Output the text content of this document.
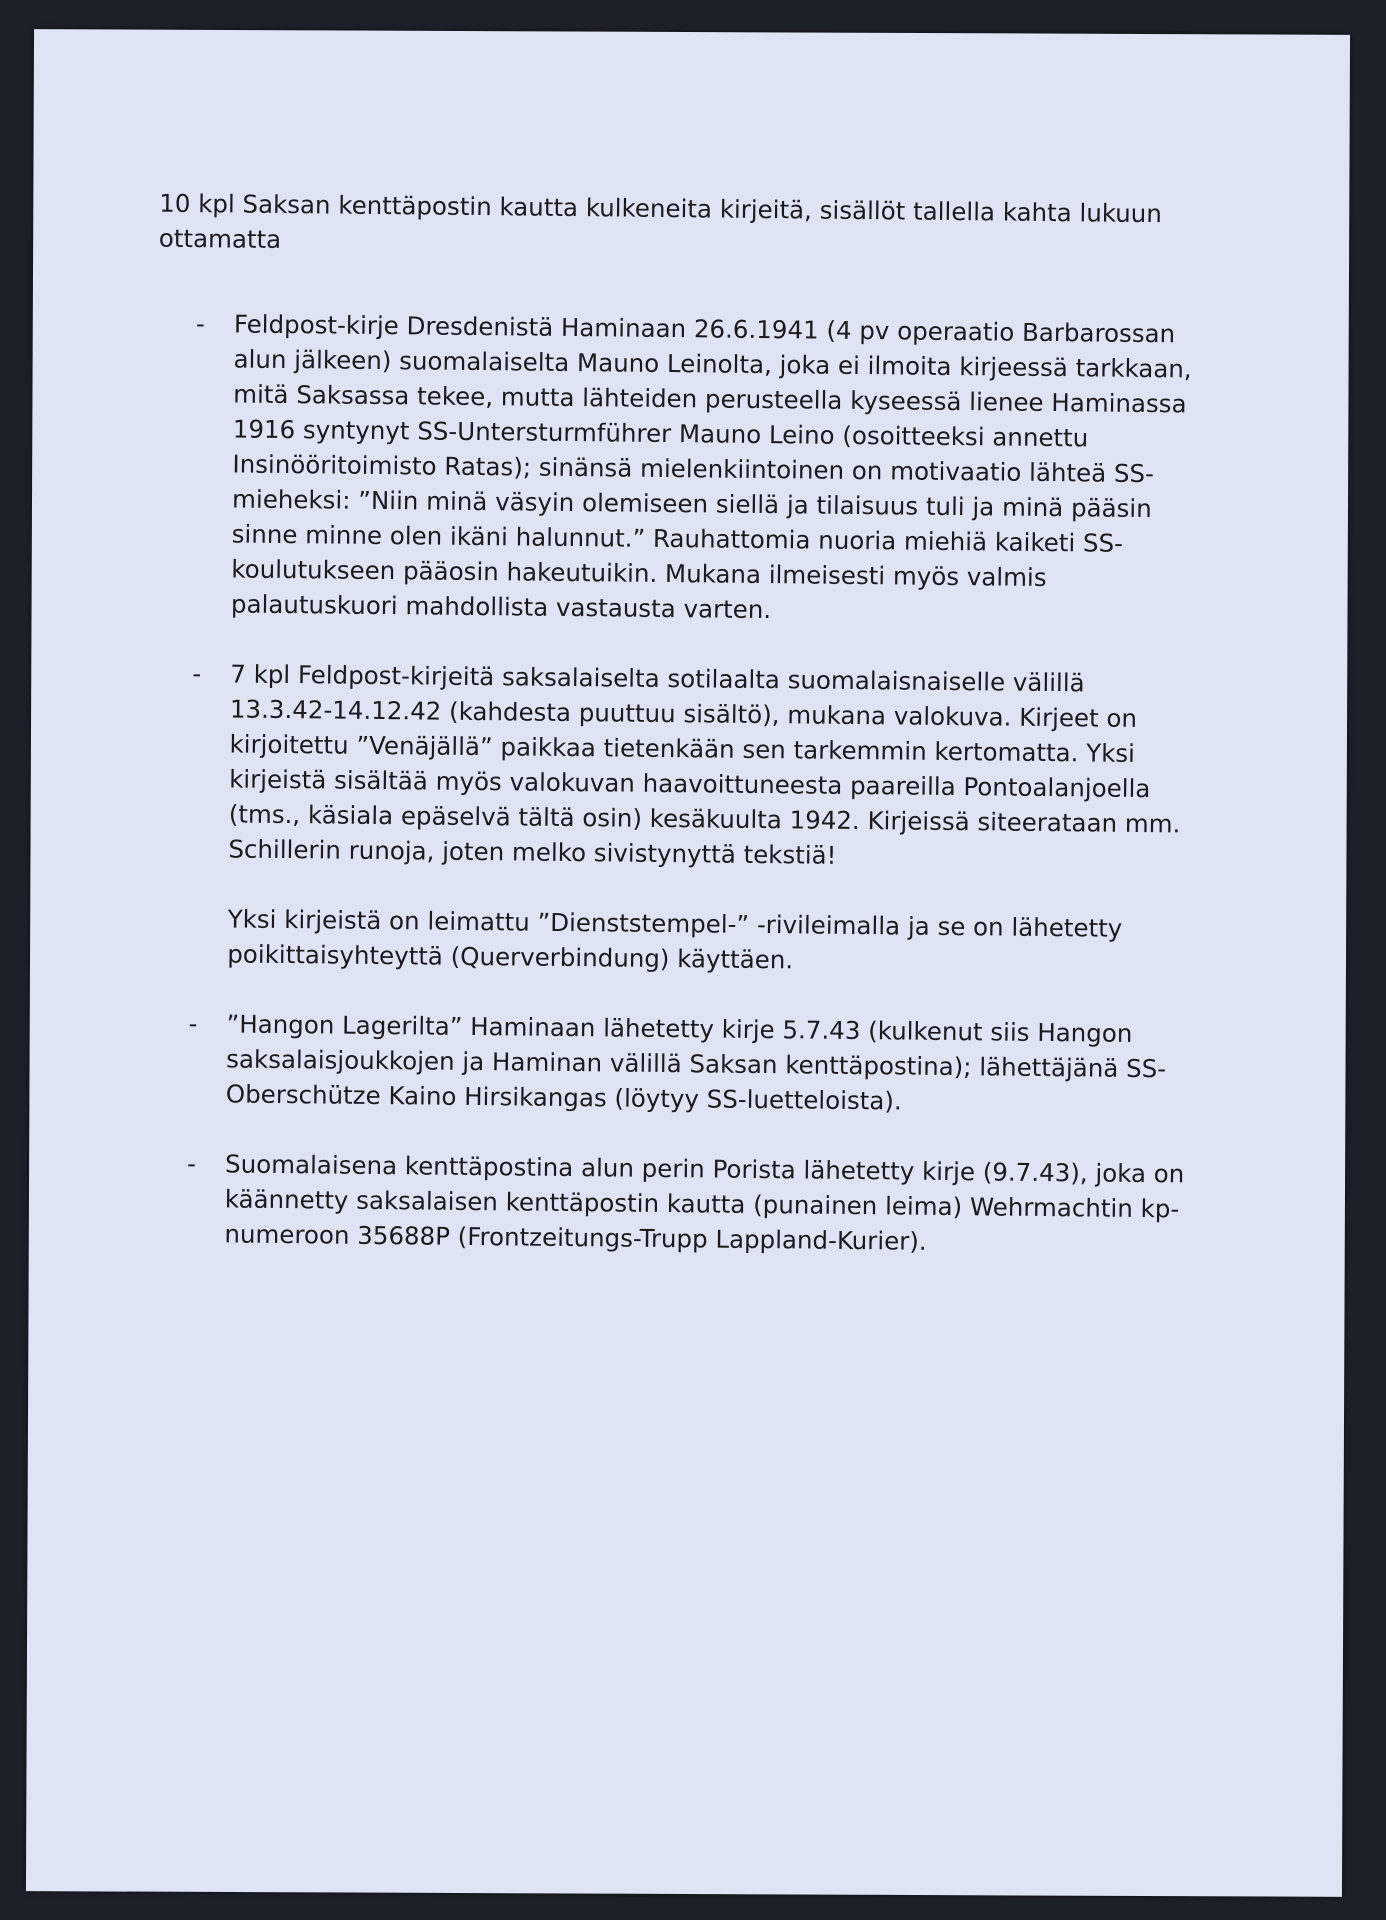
10 kpl Saksan kenttäpostin kautta kulkeneita kirjeitä, sisällöt tallella kahta lukuun ottamatta

- Feldpost-kirje Dresdenistä Haminaan 26.6.1941 (4 pv operaatio Barbarossan alun jälkeen) suomalaiselta Mauno Leinolta, joka ei ilmoita kirjeessä tarkkaan, mitä Saksassa tekee, mutta lähteiden perusteella kyseessä lienee Haminassa 1916 syntynyt SS-Untersturmführer Mauno Leino (osoitteeksi annettu Insinööritoimisto Ratas); sinänsä mielenkiintoinen on motivaatio lähteä SS-mieheksi: ”Niin minä väsyin olemiseen siellä ja tilaisuus tuli ja minä pääsin sinne minne olen ikäni halunnut.” Rauhattomia nuoria miehiä kaiketi SS-koulutukseen pääosin hakeutuikin. Mukana ilmeisesti myös valmis palautuskuori mahdollista vastausta varten.

- 7 kpl Feldpost-kirjeitä saksalaiselta sotilaalta suomalaisnaiselle välillä 13.3.42-14.12.42 (kahdesta puuttuu sisältö), mukana valokuva. Kirjeet on kirjoitettu ”Venäjällä” paikkaa tietenkään sen tarkemmin kertomatta. Yksi kirjeistä sisältää myös valokuvan haavoittuneesta paareilla Pontoalanjoella (tms., käsiala epäselvä tältä osin) kesäkuulta 1942. Kirjeissä siteerataan mm. Schillerin runoja, joten melko sivistynyttä tekstiä!

Yksi kirjeistä on leimattu ”Dienststempel-” -rivileimalla ja se on lähetetty poikittaisyhteyttä (Querverbindung) käyttäen.

- ”Hangon Lagerilta” Haminaan lähetetty kirje 5.7.43 (kulkenut siis Hangon saksalaisjoukkojen ja Haminan välillä Saksan kenttäpostina); lähettäjänä SS-Oberschütze Kaino Hirsikangas (löytyy SS-luetteloista).

- Suomalaisena kenttäpostina alun perin Porista lähetetty kirje (9.7.43), joka on käännetty saksalaisen kenttäpostin kautta (punainen leima) Wehrmachtin kp-numeroon 35688P (Frontzeitungs-Trupp Lappland-Kurier).
